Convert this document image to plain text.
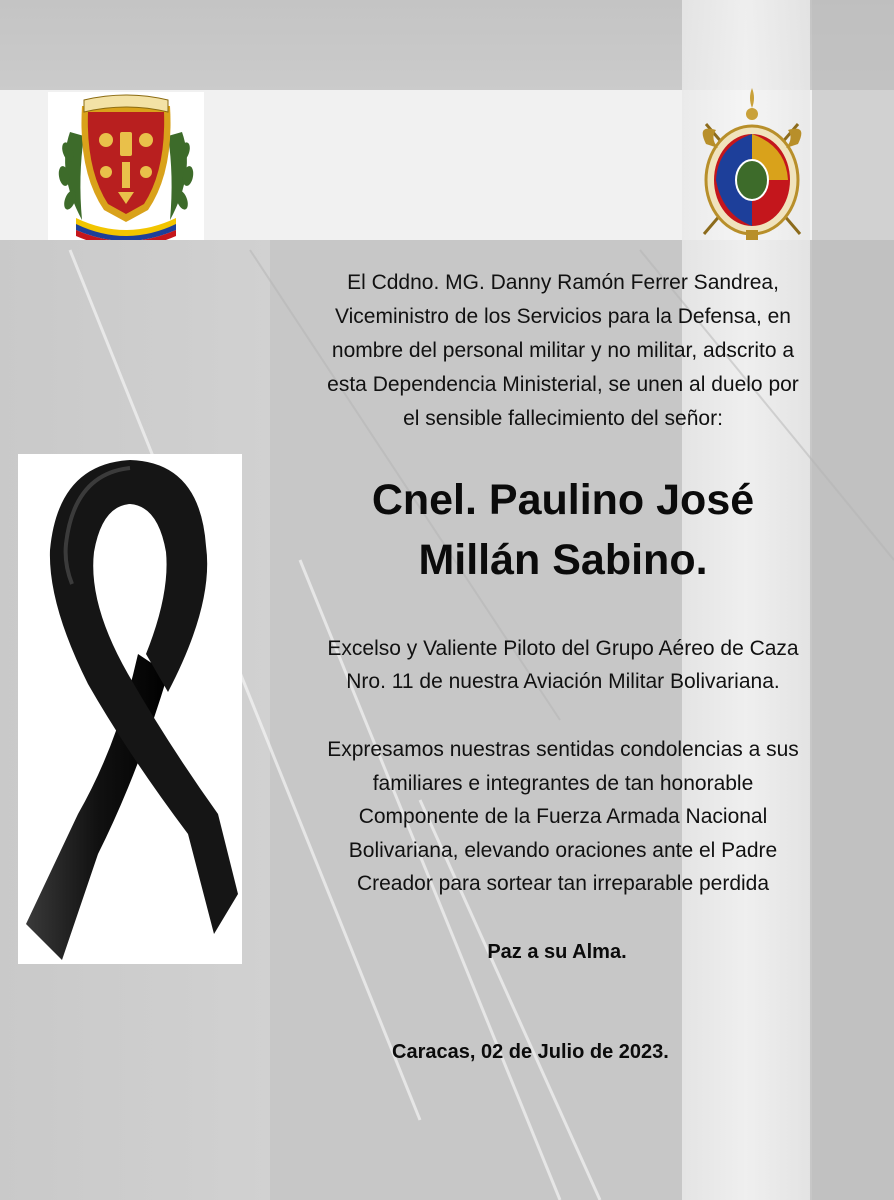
El Cddno. MG. Danny Ramón Ferrer Sandrea,
Viceministro de los Servicios para la Defensa, en
nombre del personal militar y no militar, adscrito a
esta Dependencia Ministerial, se unen al duelo por
el sensible fallecimiento del señor:
Cnel. Paulino José
Millán Sabino.
Excelso y Valiente Piloto del Grupo Aéreo de Caza
Nro. 11 de nuestra Aviación Militar Bolivariana.
Expresamos nuestras sentidas condolencias a sus
familiares e integrantes de tan honorable
Componente de la Fuerza Armada Nacional
Bolivariana, elevando oraciones ante el Padre
Creador para sortear tan irreparable perdida
Paz a su Alma.
Caracas, 02 de Julio de 2023.
